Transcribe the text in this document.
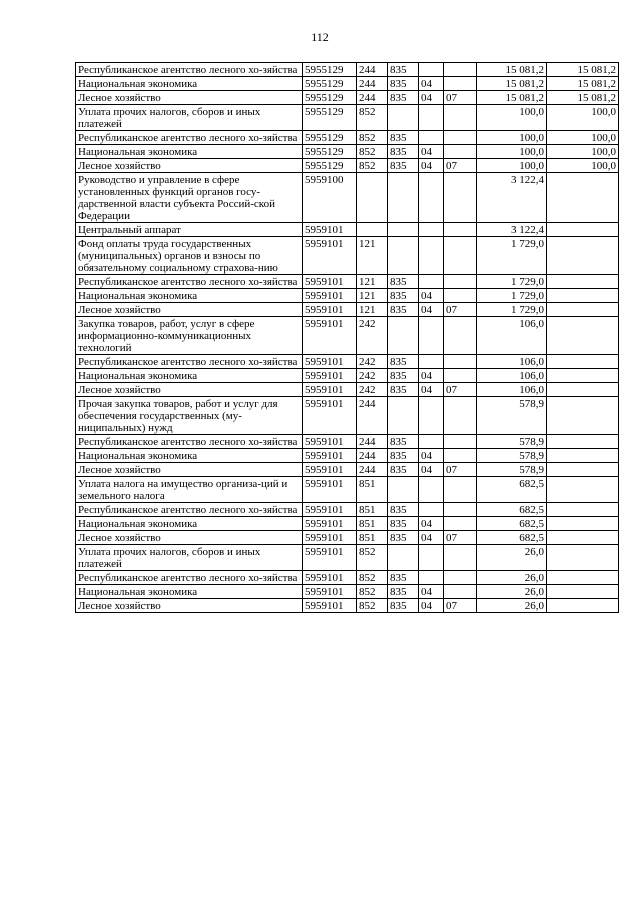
112
Республиканское агентство лесного хо-зяйства	5955129	244	835			15 081,2	15 081,2
Национальная экономика	5955129	244	835	04		15 081,2	15 081,2
Лесное хозяйство	5955129	244	835	04	07	15 081,2	15 081,2
Уплата прочих налогов, сборов и иных платежей	5955129	852				100,0	100,0
Республиканское агентство лесного хо-зяйства	5955129	852	835			100,0	100,0
Национальная экономика	5955129	852	835	04		100,0	100,0
Лесное хозяйство	5955129	852	835	04	07	100,0	100,0
Руководство и управление в сфере установленных функций органов госу-дарственной власти субъекта Россий-ской Федерации	5959100					3 122,4	
Центральный аппарат	5959101					3 122,4	
Фонд оплаты труда государственных (муниципальных) органов и взносы по обязательному социальному страхова-нию	5959101	121				1 729,0	
Республиканское агентство лесного хо-зяйства	5959101	121	835			1 729,0	
Национальная экономика	5959101	121	835	04		1 729,0	
Лесное хозяйство	5959101	121	835	04	07	1 729,0	
Закупка товаров, работ, услуг в сфере информационно-коммуникационных технологий	5959101	242				106,0	
Республиканское агентство лесного хо-зяйства	5959101	242	835			106,0	
Национальная экономика	5959101	242	835	04		106,0	
Лесное хозяйство	5959101	242	835	04	07	106,0	
Прочая закупка товаров, работ и услуг для обеспечения государственных (му-ниципальных) нужд	5959101	244				578,9	
Республиканское агентство лесного хо-зяйства	5959101	244	835			578,9	
Национальная экономика	5959101	244	835	04		578,9	
Лесное хозяйство	5959101	244	835	04	07	578,9	
Уплата налога на имущество организа-ций и земельного налога	5959101	851				682,5	
Республиканское агентство лесного хо-зяйства	5959101	851	835			682,5	
Национальная экономика	5959101	851	835	04		682,5	
Лесное хозяйство	5959101	851	835	04	07	682,5	
Уплата прочих налогов, сборов и иных платежей	5959101	852				26,0	
Республиканское агентство лесного хо-зяйства	5959101	852	835			26,0	
Национальная экономика	5959101	852	835	04		26,0	
Лесное хозяйство	5959101	852	835	04	07	26,0	
